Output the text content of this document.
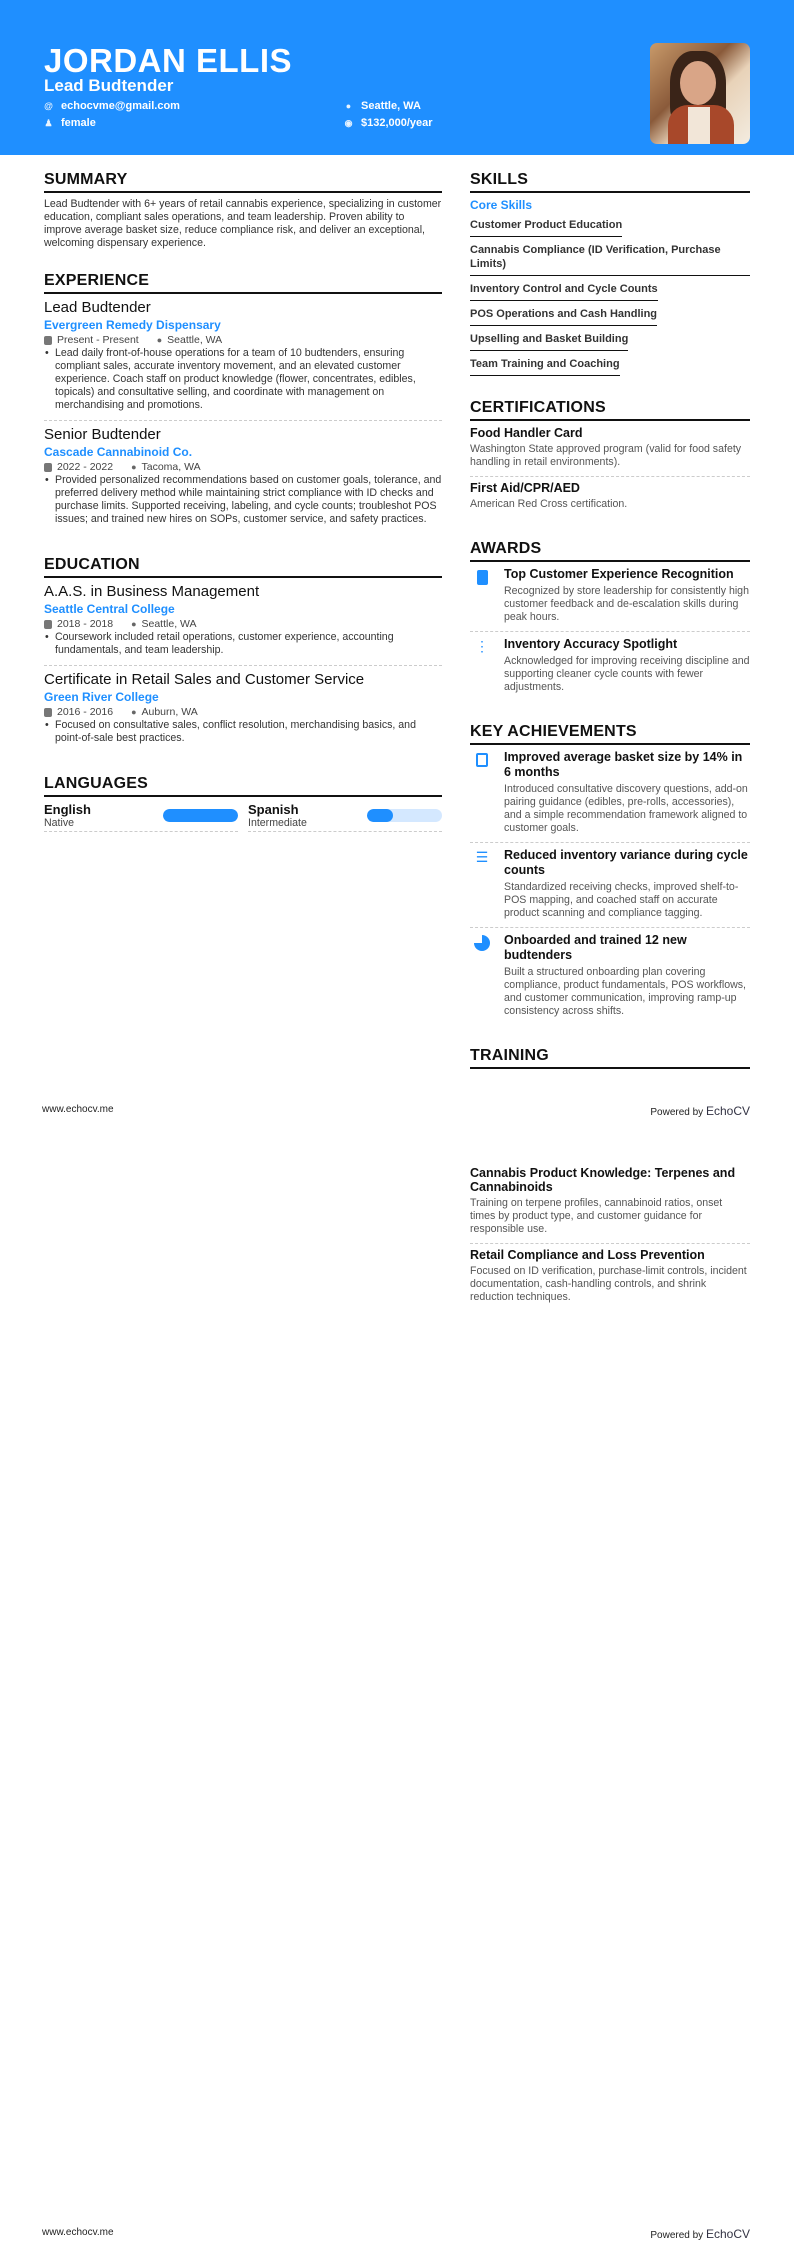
JORDAN ELLIS
Lead Budtender
@ echocvme@gmail.com
♟ female
● Seattle, WA
◉ $132,000/year
SUMMARY
Lead Budtender with 6+ years of retail cannabis experience, specializing in customer education, compliant sales operations, and team leadership. Proven ability to improve average basket size, reduce compliance risk, and deliver an exceptional, welcoming dispensary experience.
EXPERIENCE
Lead Budtender
Evergreen Remedy Dispensary
Present - Present ● Seattle, WA
• Lead daily front-of-house operations for a team of 10 budtenders, ensuring compliant sales, accurate inventory movement, and an elevated customer experience. Coach staff on product knowledge (flower, concentrates, edibles, topicals) and consultative selling, and coordinate with management on merchandising and promotions.
Senior Budtender
Cascade Cannabinoid Co.
2022 - 2022 ● Tacoma, WA
• Provided personalized recommendations based on customer goals, tolerance, and preferred delivery method while maintaining strict compliance with ID checks and purchase limits. Supported receiving, labeling, and cycle counts; troubleshot POS issues; and trained new hires on SOPs, customer service, and safety practices.
EDUCATION
A.A.S. in Business Management
Seattle Central College
2018 - 2018 ● Seattle, WA
• Coursework included retail operations, customer experience, accounting fundamentals, and team leadership.
Certificate in Retail Sales and Customer Service
Green River College
2016 - 2016 ● Auburn, WA
• Focused on consultative sales, conflict resolution, merchandising basics, and point-of-sale best practices.
LANGUAGES
English
Native
Spanish
Intermediate
SKILLS
Core Skills
Customer Product Education
Cannabis Compliance (ID Verification, Purchase Limits)
Inventory Control and Cycle Counts
POS Operations and Cash Handling
Upselling and Basket Building
Team Training and Coaching
CERTIFICATIONS
Food Handler Card
Washington State approved program (valid for food safety handling in retail environments).
First Aid/CPR/AED
American Red Cross certification.
AWARDS
Top Customer Experience Recognition
Recognized by store leadership for consistently high customer feedback and de-escalation skills during peak hours.
⋮ Inventory Accuracy Spotlight
Acknowledged for improving receiving discipline and supporting cleaner cycle counts with fewer adjustments.
KEY ACHIEVEMENTS
Improved average basket size by 14% in 6 months
Introduced consultative discovery questions, add-on pairing guidance (edibles, pre-rolls, accessories), and a simple recommendation framework aligned to customer goals.
☰ Reduced inventory variance during cycle counts
Standardized receiving checks, improved shelf-to-POS mapping, and coached staff on accurate product scanning and compliance tagging.
Onboarded and trained 12 new budtenders
Built a structured onboarding plan covering compliance, product fundamentals, POS workflows, and customer communication, improving ramp-up consistency across shifts.
TRAINING
www.echocv.me	Powered by EchoCV
Cannabis Product Knowledge: Terpenes and Cannabinoids
Training on terpene profiles, cannabinoid ratios, onset times by product type, and customer guidance for responsible use.
Retail Compliance and Loss Prevention
Focused on ID verification, purchase-limit controls, incident documentation, cash-handling controls, and shrink reduction techniques.
www.echocv.me	Powered by EchoCV
